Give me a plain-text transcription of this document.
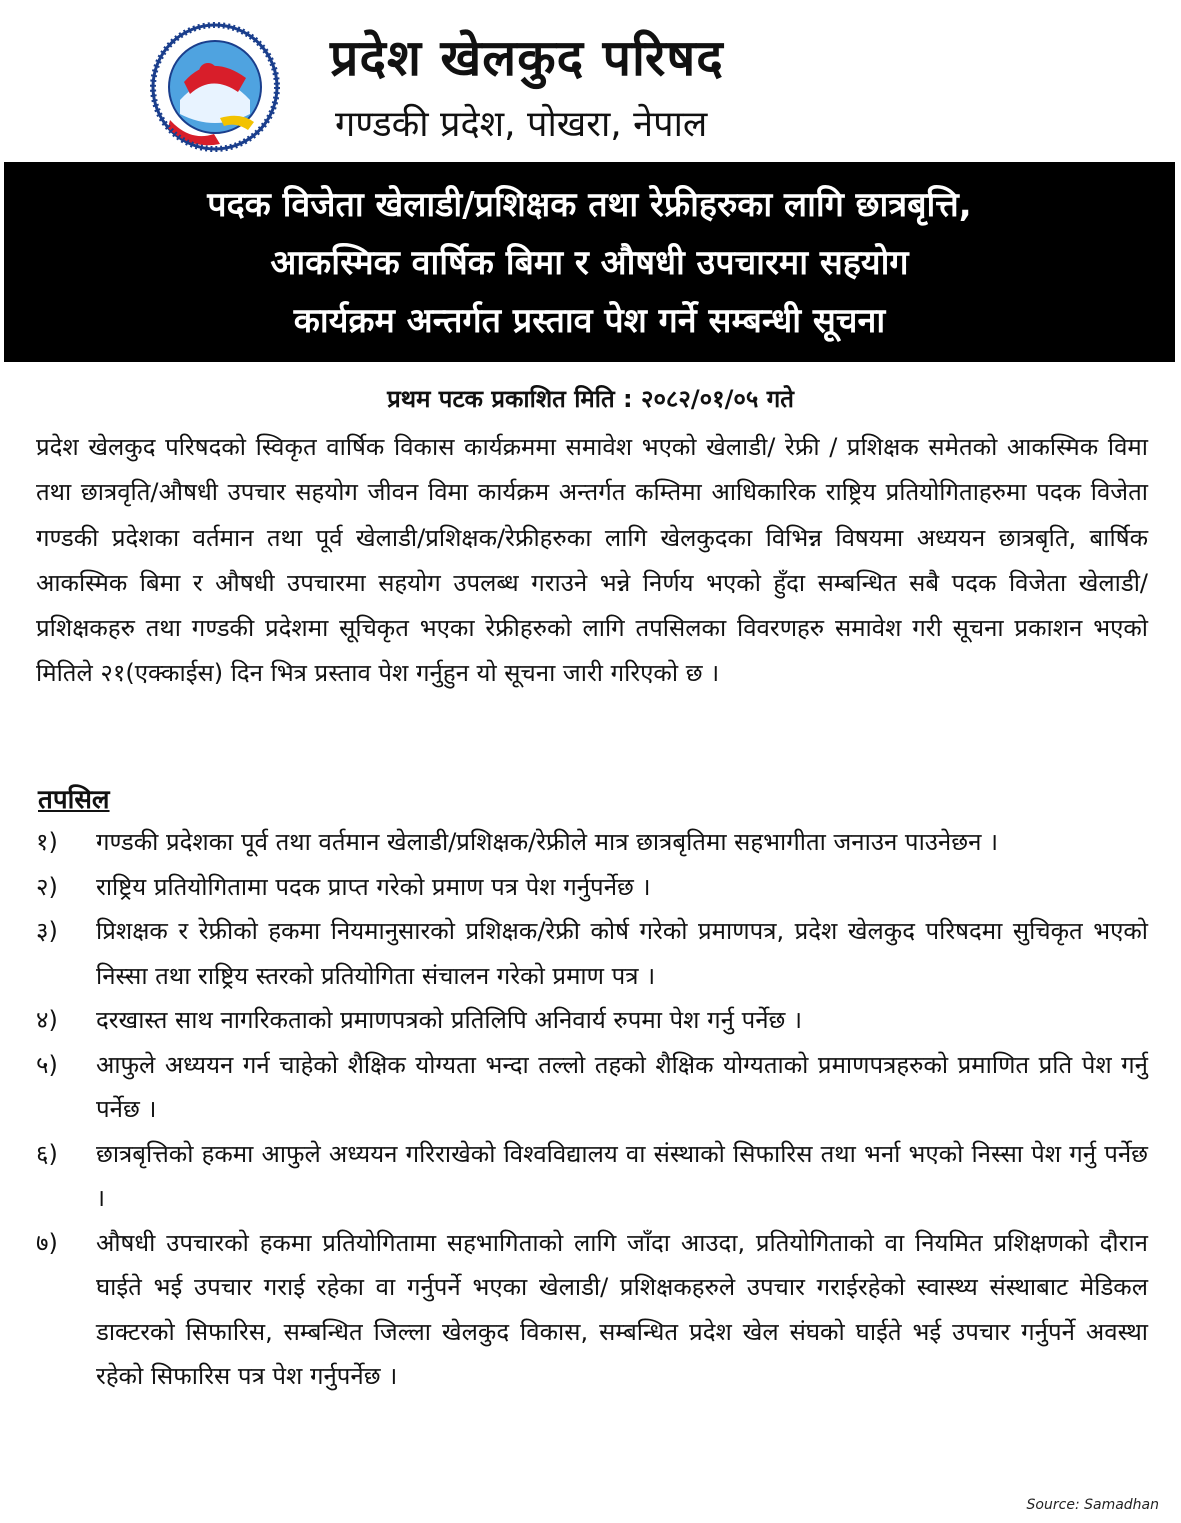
प्रदेश खेलकुद परिषद
गण्डकी प्रदेश, पोखरा, नेपाल
पदक विजेता खेलाडी/प्रशिक्षक तथा रेफ्रीहरुका लागि छात्रबृत्ति,
आकस्मिक वार्षिक बिमा र औषधी उपचारमा सहयोग
कार्यक्रम अन्तर्गत प्रस्ताव पेश गर्ने सम्बन्धी सूचना
प्रथम पटक प्रकाशित मिति : २०८२/०१/०५ गते

प्रदेश खेलकुद परिषदको स्विकृत वार्षिक विकास कार्यक्रममा समावेश भएको खेलाडी/ रेफ्री / प्रशिक्षक समेतको आकस्मिक विमा तथा छात्रवृति/औषधी उपचार सहयोग जीवन विमा कार्यक्रम अन्तर्गत कम्तिमा आधिकारिक राष्ट्रिय प्रतियोगिताहरुमा पदक विजेता गण्डकी प्रदेशका वर्तमान तथा पूर्व खेलाडी/प्रशिक्षक/रेफ्रीहरुका लागि खेलकुदका विभिन्न विषयमा अध्ययन छात्रबृति, बार्षिक आकस्मिक बिमा र औषधी उपचारमा सहयोग उपलब्ध गराउने भन्ने निर्णय भएको हुँदा सम्बन्धित सबै पदक विजेता खेलाडी/प्रशिक्षकहरु तथा गण्डकी प्रदेशमा सूचिकृत भएका रेफ्रीहरुको लागि तपसिलका विवरणहरु समावेश गरी सूचना प्रकाशन भएको मितिले २१(एक्काईस) दिन भित्र प्रस्ताव पेश गर्नुहुन यो सूचना जारी गरिएको छ ।

तपसिल
१)	गण्डकी प्रदेशका पूर्व तथा वर्तमान खेलाडी/प्रशिक्षक/रेफ्रीले मात्र छात्रबृतिमा सहभागीता जनाउन पाउनेछन ।
२)	राष्ट्रिय प्रतियोगितामा पदक प्राप्त गरेको प्रमाण पत्र पेश गर्नुपर्नेछ ।
३)	प्रिशक्षक र रेफ्रीको हकमा नियमानुसारको प्रशिक्षक/रेफ्री कोर्ष गरेको प्रमाणपत्र, प्रदेश खेलकुद परिषदमा सुचिकृत भएको निस्सा तथा राष्ट्रिय स्तरको प्रतियोगिता संचालन गरेको प्रमाण पत्र ।
४)	दरखास्त साथ नागरिकताको प्रमाणपत्रको प्रतिलिपि अनिवार्य रुपमा पेश गर्नु पर्नेछ ।
५)	आफुले अध्ययन गर्न चाहेको शैक्षिक योग्यता भन्दा तल्लो तहको शैक्षिक योग्यताको प्रमाणपत्रहरुको प्रमाणित प्रति पेश गर्नु पर्नेछ ।
६)	छात्रबृत्तिको हकमा आफुले अध्ययन गरिराखेको विश्वविद्यालय वा संस्थाको सिफारिस तथा भर्ना भएको निस्सा पेश गर्नु पर्नेछ ।
७)	औषधी उपचारको हकमा प्रतियोगितामा सहभागिताको लागि जाँदा आउदा, प्रतियोगिताको वा नियमित प्रशिक्षणको दौरान घाईते भई उपचार गराई रहेका वा गर्नुपर्ने भएका खेलाडी/ प्रशिक्षकहरुले उपचार गराईरहेको स्वास्थ्य संस्थाबाट मेडिकल डाक्टरको सिफारिस, सम्बन्धित जिल्ला खेलकुद विकास, सम्बन्धित प्रदेश खेल संघको घाईते भई उपचार गर्नुपर्ने अवस्था रहेको सिफारिस पत्र पेश गर्नुपर्नेछ ।
Source: Samadhan
